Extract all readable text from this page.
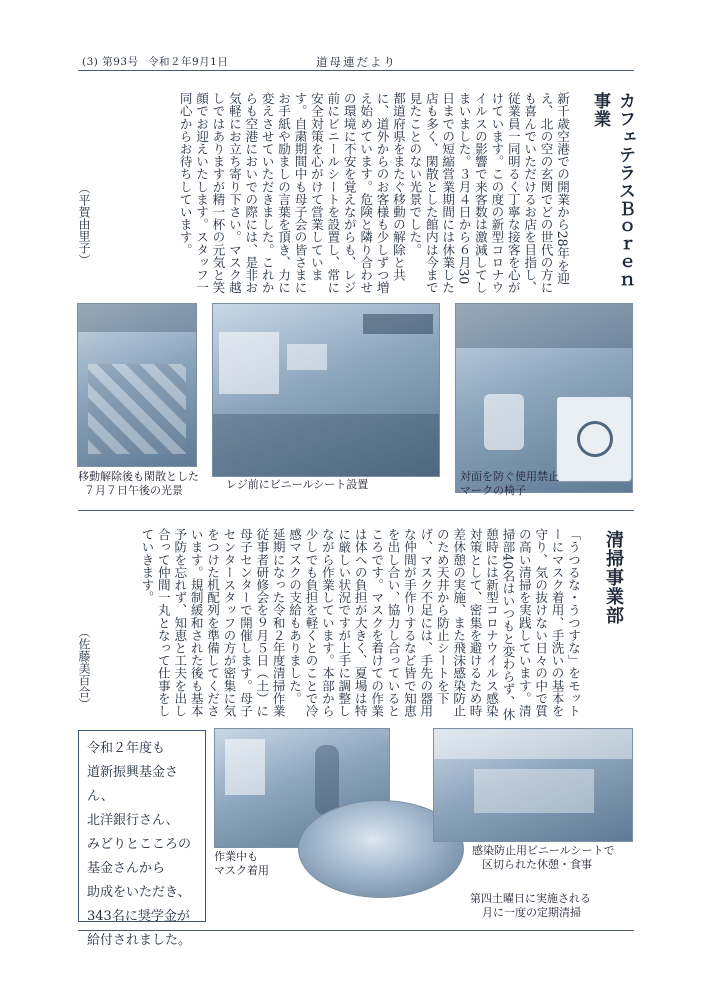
(3) 第93号 令和２年9月1日	道母連だより
カフェテラスＢｏｒｅｎ事業

新千歳空港での開業から28年を迎え、北の空の玄関でどの世代の方にも喜んでいただけるお店を目指し、従業員一同明るく丁寧な接客を心がけています。この度の新型コロナウイルスの影響で来客数は激減してしまいました。３月４日から６月30日までの短縮営業期間には休業した店も多く、閑散とした館内は今まで見たことのない光景でした。

都道府県をまたぐ移動の解除と共に、道外からのお客様も少しずつ増え始めています。危険と隣り合わせの環境に不安を覚えながらも、レジ前にビニールシートを設置し、常に安全対策を心がけて営業しています。自粛期間中も母子会の皆さまにお手紙や励ましの言葉を頂き、力に変えさせていただきました。これからも空港においでの際には、是非お気軽にお立ち寄り下さい。マスク越しではありますが精一杯の元気と笑顔でお迎えいたします。スタッフ一同心からお待ちしています。

（平賀由里子）
移動解除後も閑散とした
７月７日午後の光景	レジ前にビニールシート設置
対面を防ぐ使用禁止
マークの椅子
清掃事業部

「うつるな・うつすな」をモットーにマスク着用、手洗いの基本を守り、気の抜けない日々の中で質の高い清掃を実践しています。清掃部40名はいつもと変わらず、休憩時には新型コロナウイルス感染対策として、密集を避けるため時差休憩の実施、また飛沫感染防止のため天井から防止シートを下げ、マスク不足には、手先の器用な仲間が手作りするなど皆で知恵を出し合い、協力し合っているところです。マスクを着けての作業は体への負担が大きく、夏場は特に厳しい状況ですが上手に調整しながら作業しています。本部から少しでも負担を軽くとのことで冷感マスクの支給もありました。

延期になった令和２年度清掃作業従事者研修会を９月５日（土）に母子センターで開催します。母子センタースタッフの方が密集に気をつけた机配列を準備してくださいます。規制緩和された後も基本予防を忘れず、知恵と工夫を出し合って仲間一丸となって仕事をしていきます。

（佐藤美百合）
令和２年度も
道新振興基金さん、
北洋銀行さん、
みどりとこころの
基金さんから
助成をいただき、
343名に奨学金が
給付されました。
作業中も
マスク着用
第四土曜日に実施される
月に一度の定期清掃
感染防止用ビニールシートで
区切られた休憩・食事
